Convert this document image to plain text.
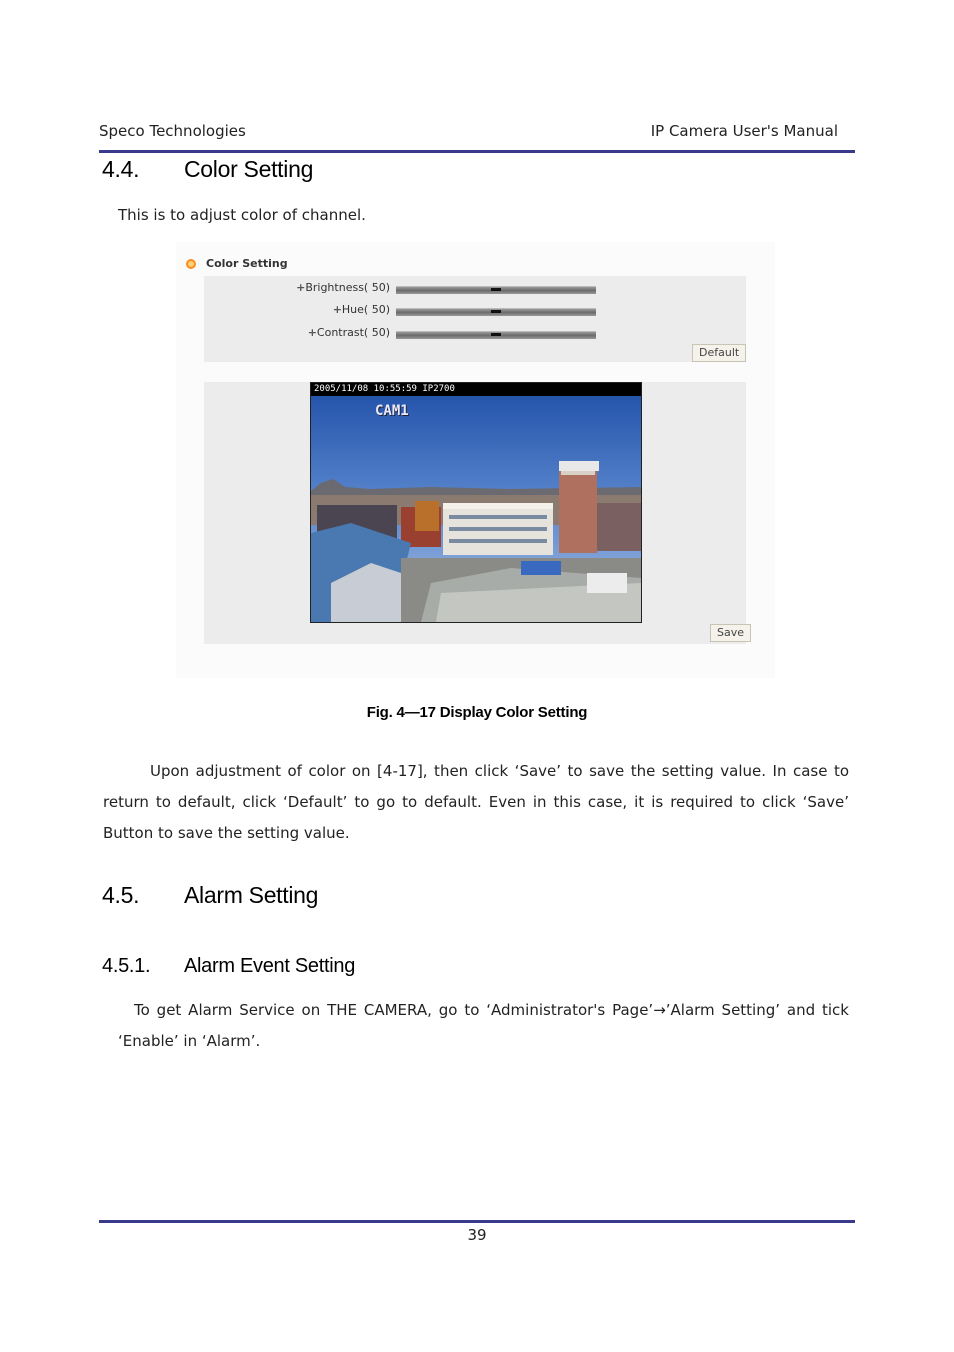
Speco Technologies	IP Camera User's Manual
4.4. Color Setting
This is to adjust color of channel.
Color Setting
+Brightness( 50)
+Hue( 50)
+Contrast( 50)
Default
2005/11/08 10:55:59 IP2700
CAM1
Save
Fig. 4—17 Display Color Setting
Upon adjustment of color on [4-17], then click ‘Save’ to save the setting value. In case to
return to default, click ‘Default’ to go to default. Even in this case, it is required to click ‘Save’
Button to save the setting value.
4.5. Alarm Setting
4.5.1. Alarm Event Setting
To get Alarm Service on THE CAMERA, go to ‘Administrator's Page’→’Alarm Setting’ and tick
‘Enable’ in ‘Alarm’.
39
